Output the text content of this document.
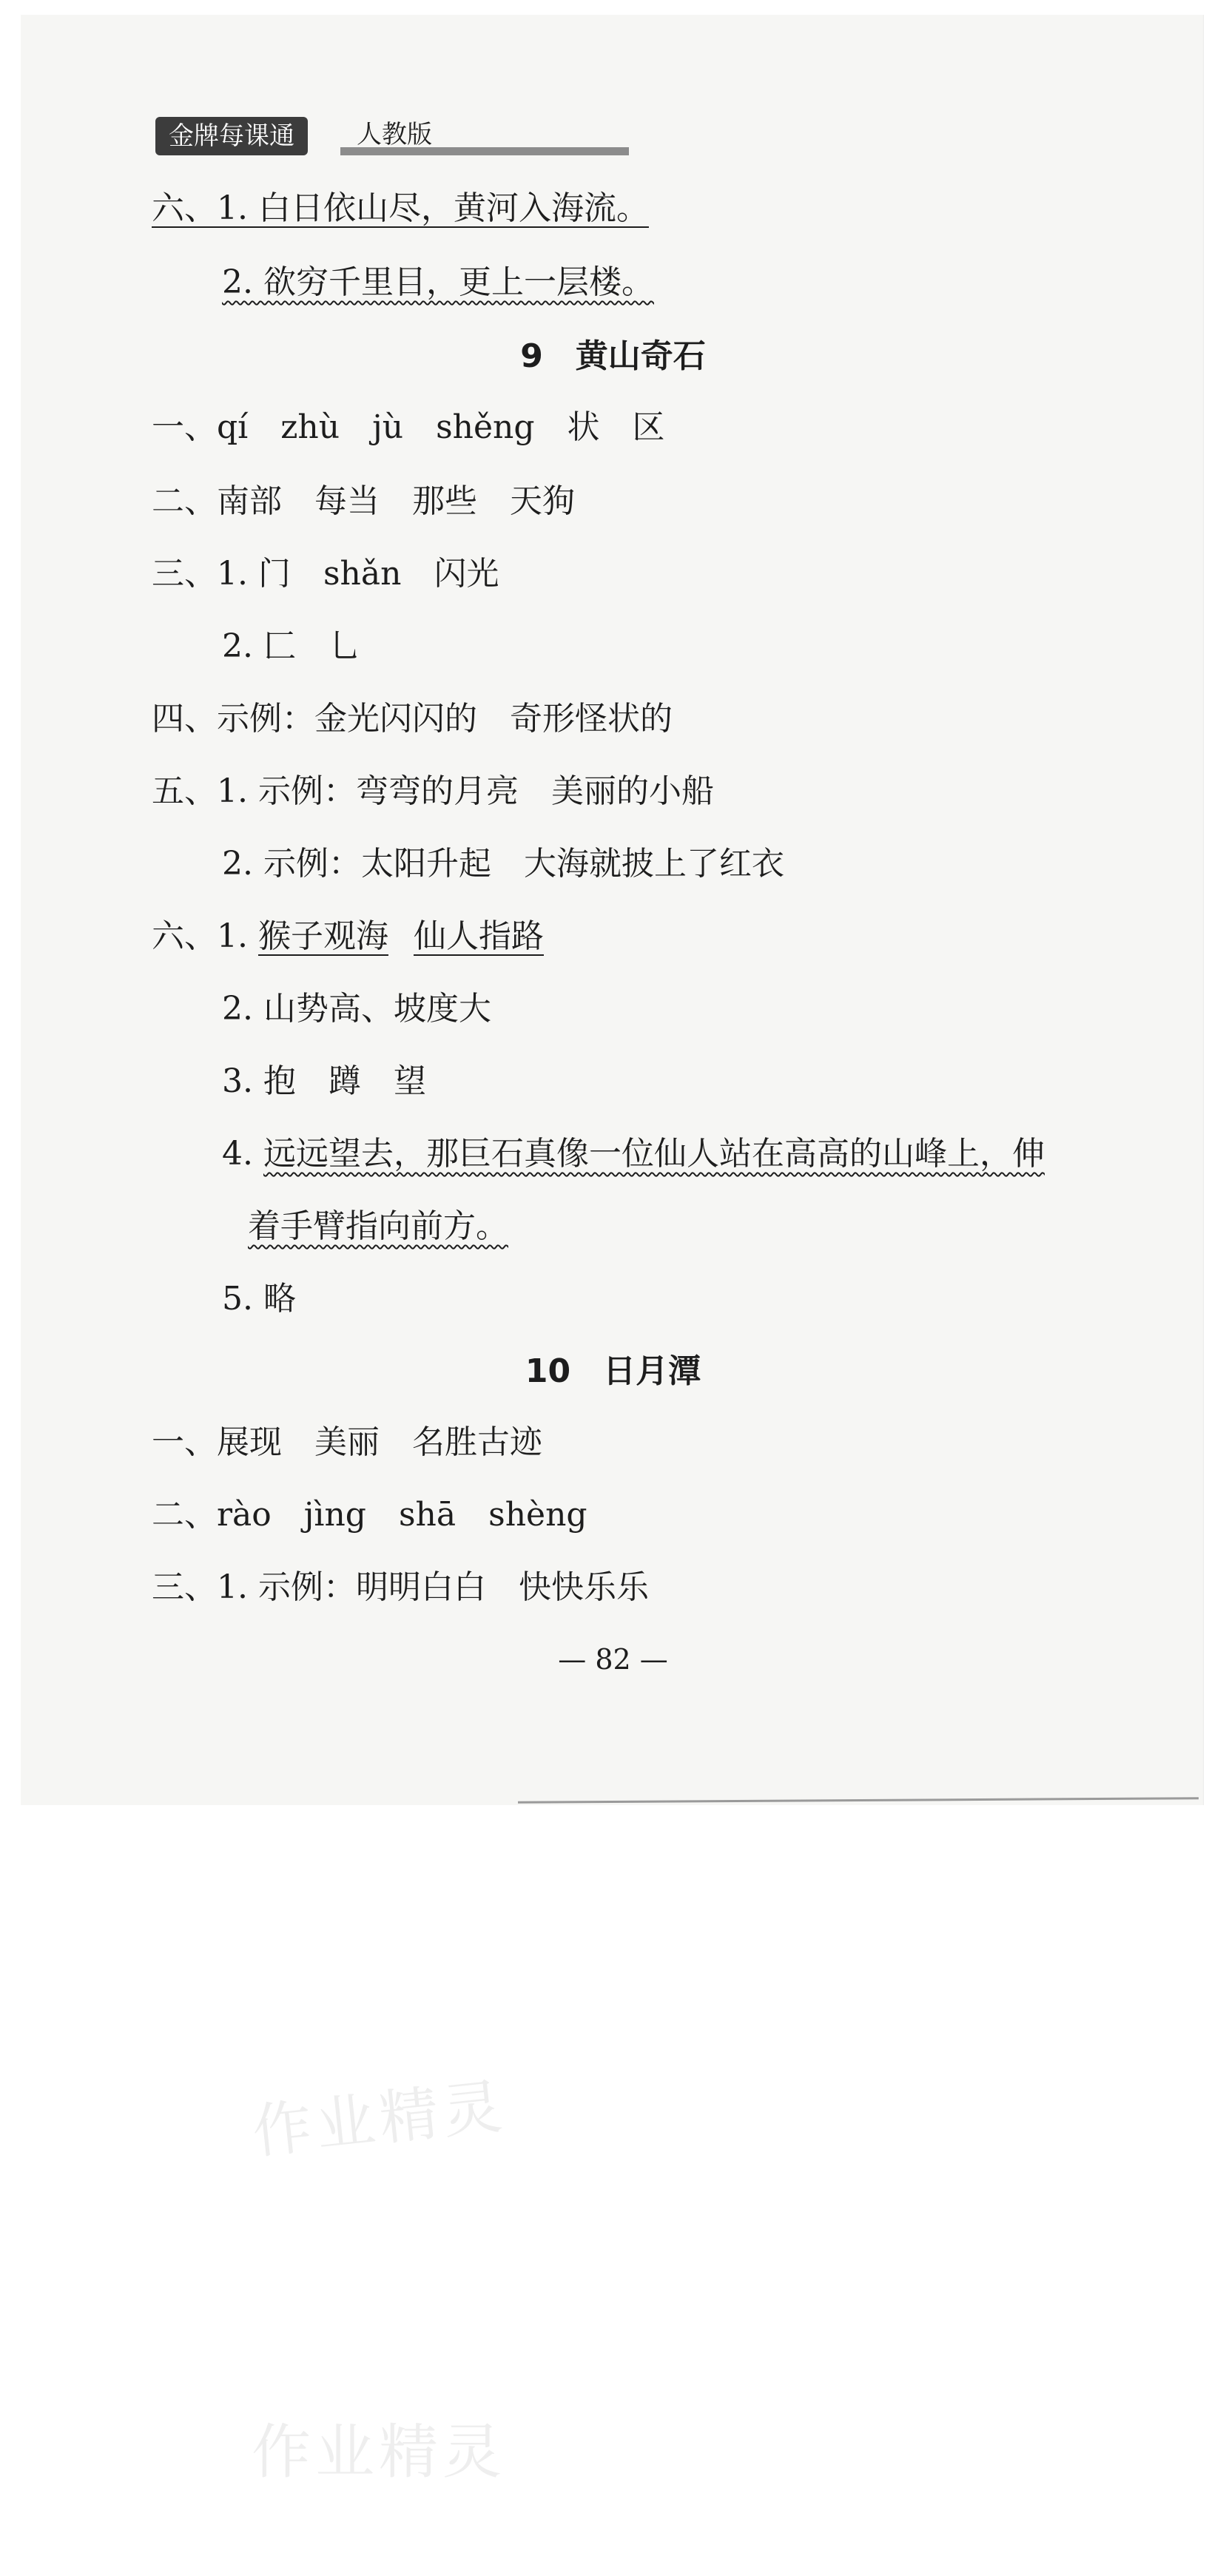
金牌每课通	人教版
六、1. 白日依山尽，黄河入海流。
2. 欲穷千里目，更上一层楼。
9　黄山奇石
一、qí　zhù　jù　shěng　状　区
二、南部　每当　那些　天狗
三、1. 门　shǎn　闪光
2. 匚　乚
四、示例：金光闪闪的　奇形怪状的
五、1. 示例：弯弯的月亮　美丽的小船
2. 示例：太阳升起　大海就披上了红衣
六、1. 猴子观海 仙人指路
2. 山势高、坡度大
3. 抱　蹲　望
4. 远远望去，那巨石真像一位仙人站在高高的山峰上，伸
着手臂指向前方。
5. 略
10　日月潭
一、展现　美丽　名胜古迹
二、rào　jìng　shā　shèng
三、1. 示例：明明白白　快快乐乐
— 82 —
作业精灵
作业精灵
